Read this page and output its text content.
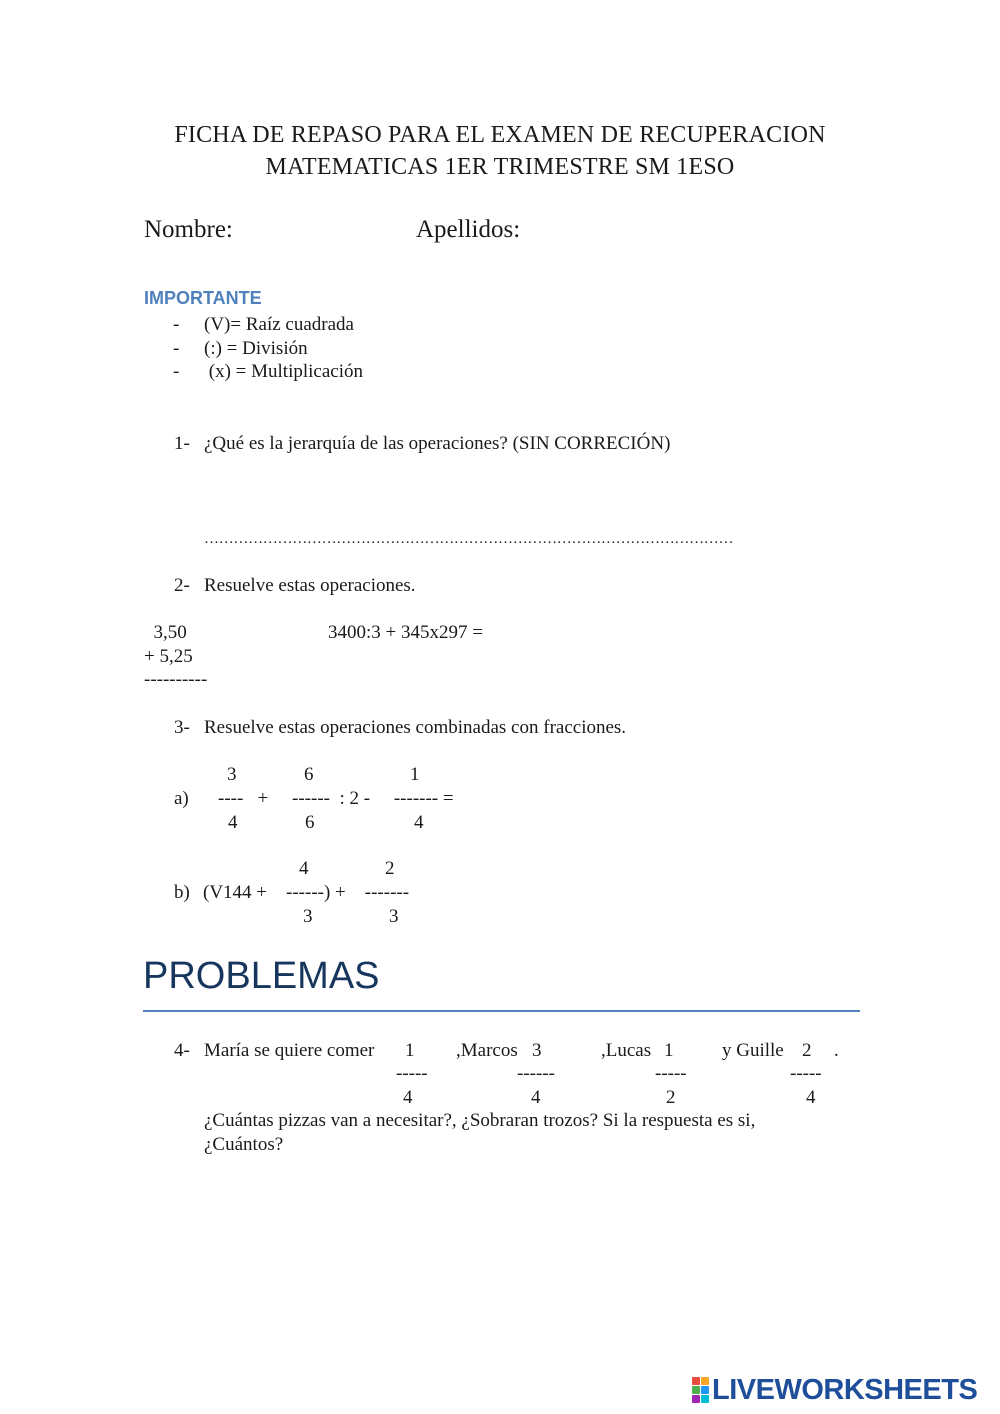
FICHA DE REPASO PARA EL EXAMEN DE RECUPERACION
MATEMATICAS 1ER TRIMESTRE SM 1ESO
Nombre:	Apellidos:
IMPORTANTE
- (V)= Raíz cuadrada
- (:) = División
- (x) = Multiplicación
1- ¿Qué es la jerarquía de las operaciones? (SIN CORRECIÓN)
………………………………………………………………………………………………
2- Resuelve estas operaciones.
3,50	3400:3 + 345x297 =
+ 5,25
----------
3- Resuelve estas operaciones combinadas con fracciones.
3	6	1
a) ----   +     ------  : 2 -     ------- =
4	6	4
4	2
b) (V144 +    ------) +    -------
3	3
PROBLEMAS
4- María se quiere comer 1 ,Marcos 3	,Lucas 1	y Guille 2 .
-----	------	-----	-----
4	4	2	4
¿Cuántas pizzas van a necesitar?, ¿Sobraran trozos? Si la respuesta es si,
¿Cuántos?
LIVEWORKSHEETS
